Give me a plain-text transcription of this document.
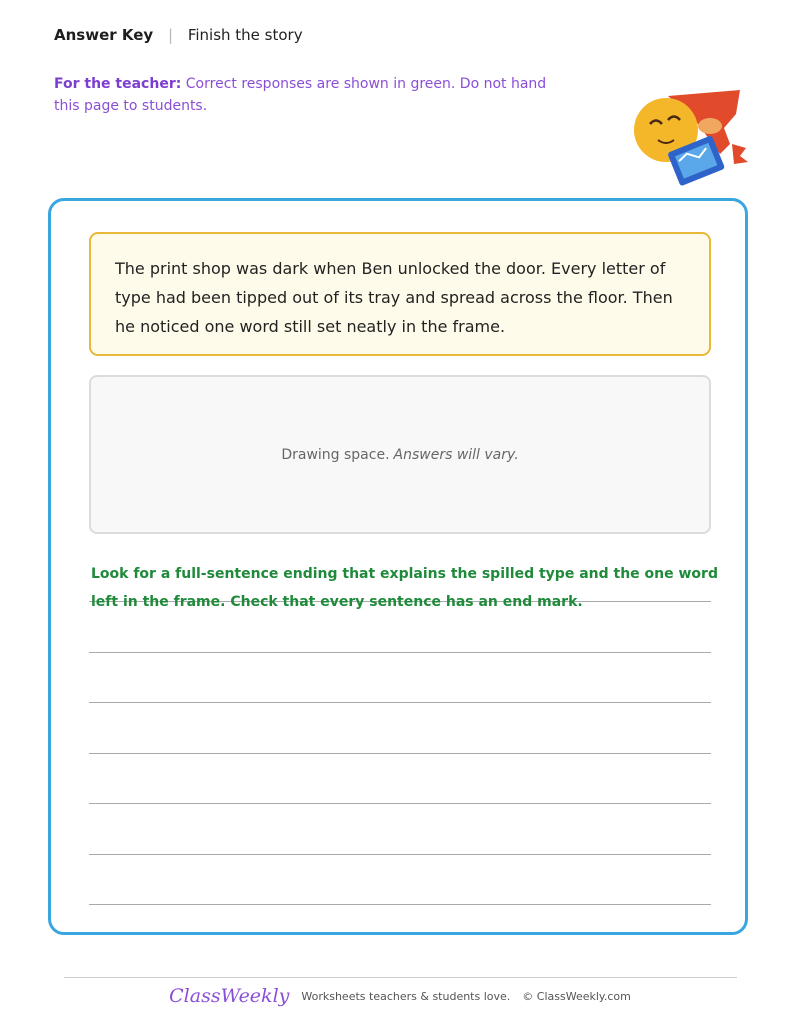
Answer Key | Finish the story
For the teacher: Correct responses are shown in green. Do not hand this page to students.
The print shop was dark when Ben unlocked the door. Every letter of type had been tipped out of its tray and spread across the floor. Then he noticed one word still set neatly in the frame.
Drawing space. Answers will vary.
Look for a full-sentence ending that explains the spilled type and the one word left in the frame. Check that every sentence has an end mark.
ClassWeekly Worksheets teachers & students love. © ClassWeekly.com
